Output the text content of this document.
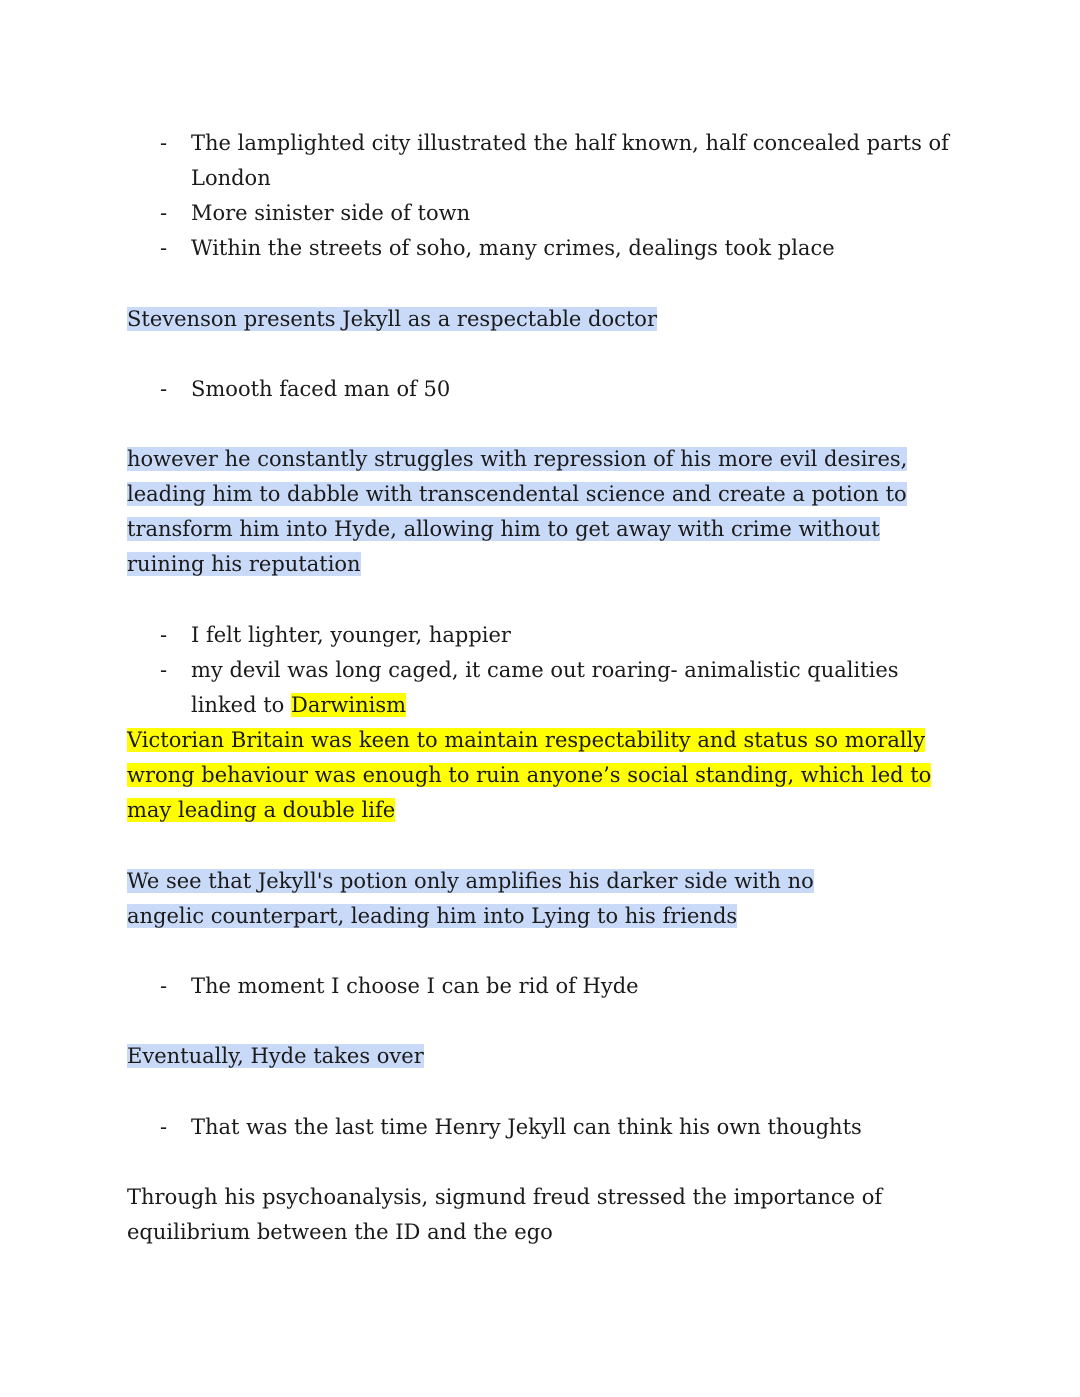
-	The lamplighted city illustrated the half known, half concealed parts of London
-	More sinister side of town
-	Within the streets of soho, many crimes, dealings took place
Stevenson presents Jekyll as a respectable doctor
-	Smooth faced man of 50
however he constantly struggles with repression of his more evil desires, leading him to dabble with transcendental science and create a potion to transform him into Hyde, allowing him to get away with crime without ruining his reputation
-	I felt lighter, younger, happier
-	my devil was long caged, it came out roaring- animalistic qualities linked to Darwinism
Victorian Britain was keen to maintain respectability and status so morally wrong behaviour was enough to ruin anyone’s social standing, which led to may leading a double life
We see that Jekyll's potion only amplifies his darker side with no angelic counterpart, leading him into Lying to his friends
-	The moment I choose I can be rid of Hyde
Eventually, Hyde takes over
-	That was the last time Henry Jekyll can think his own thoughts
Through his psychoanalysis, sigmund freud stressed the importance of equilibrium between the ID and the ego
